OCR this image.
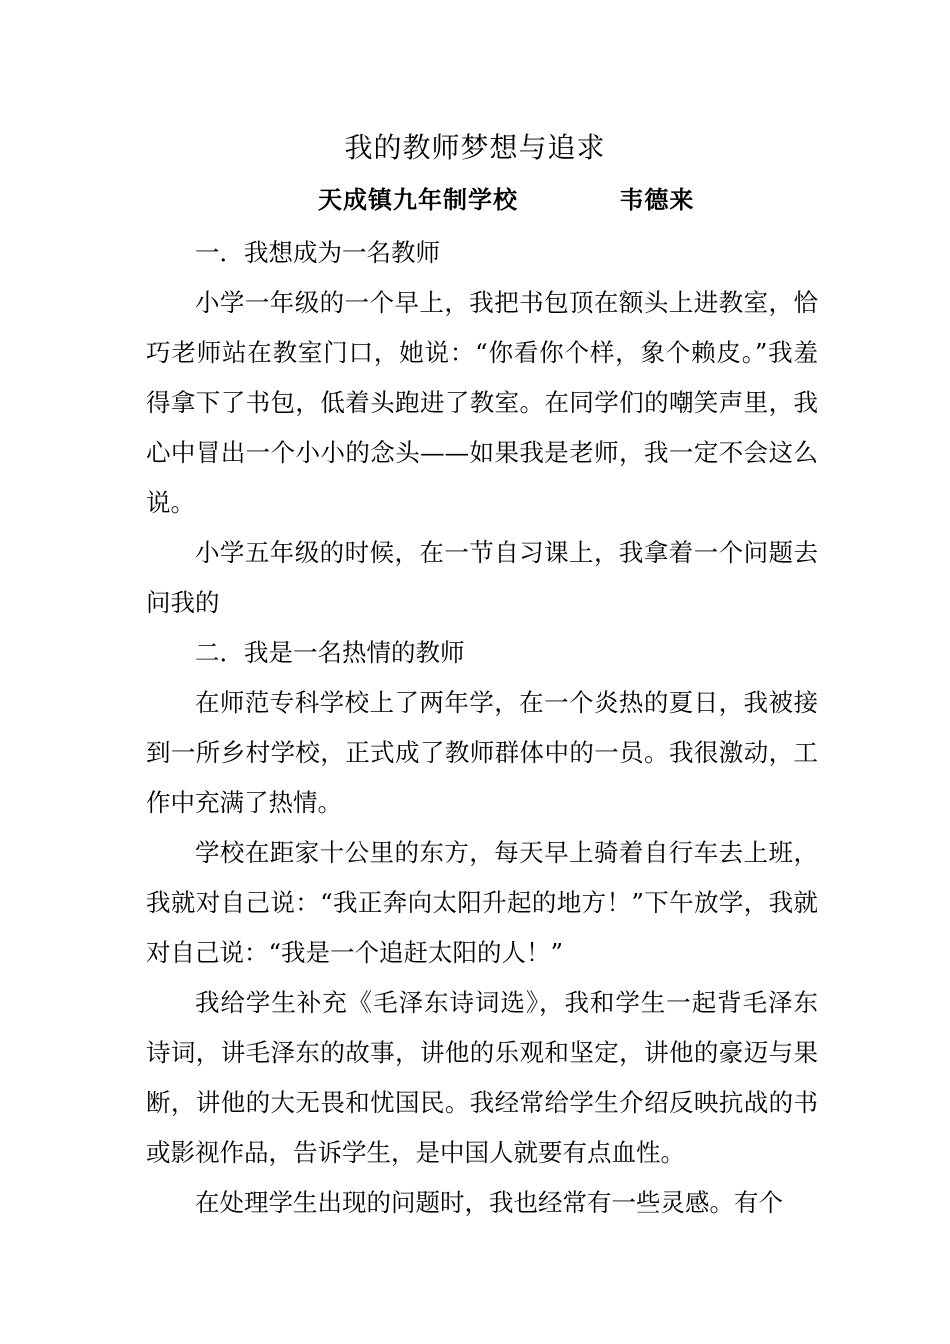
我的教师梦想与追求
天成镇九年制学校	韦德来

一．我想成为一名教师

小学一年级的一个早上，我把书包顶在额头上进教室，恰巧老师站在教室门口，她说：“你看你个样，象个赖皮。”我羞得拿下了书包，低着头跑进了教室。在同学们的嘲笑声里，我心中冒出一个小小的念头——如果我是老师，我一定不会这么说。

小学五年级的时候，在一节自习课上，我拿着一个问题去问我的

二．我是一名热情的教师

在师范专科学校上了两年学，在一个炎热的夏日，我被接到一所乡村学校，正式成了教师群体中的一员。我很激动，工作中充满了热情。

学校在距家十公里的东方，每天早上骑着自行车去上班，我就对自己说：“我正奔向太阳升起的地方！”下午放学，我就对自己说：“我是一个追赶太阳的人！”

我给学生补充《毛泽东诗词选》，我和学生一起背毛泽东诗词，讲毛泽东的故事，讲他的乐观和坚定，讲他的豪迈与果断，讲他的大无畏和忧国民。我经常给学生介绍反映抗战的书或影视作品，告诉学生，是中国人就要有点血性。

在处理学生出现的问题时，我也经常有一些灵感。有个
